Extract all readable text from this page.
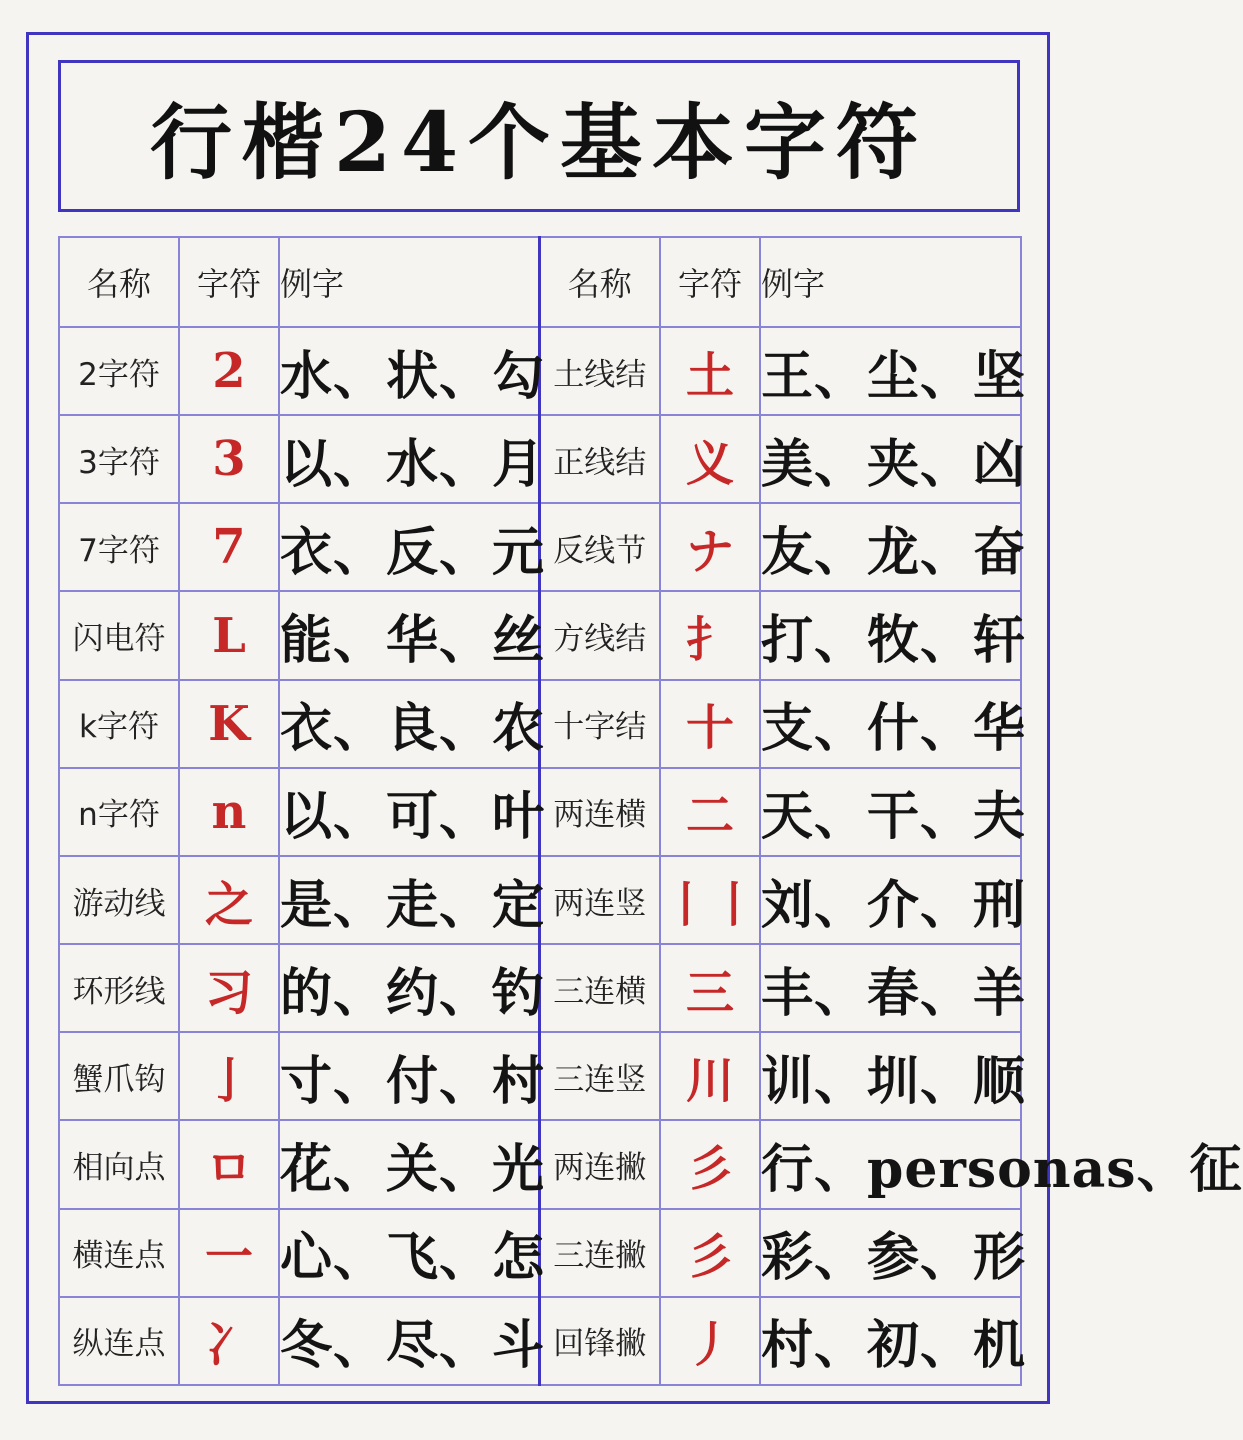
行楷24个基本字符
名称	字符	例字	名称	字符	例字
2字符	2	水、状、勾	土线结	土	王、尘、坚
3字符	3	以、水、月	正线结	义	美、夹、凶
7字符	7	衣、反、元	反线节	ナ	友、龙、奋
闪电符	L	能、华、丝	方线结	扌	打、牧、轩
k字符	K	衣、良、农	十字结	十	支、什、华
n字符	n	以、可、叶	两连横	二	天、干、夫
游动线	之	是、走、定	两连竖	丨丨	刘、介、刑
环形线	习	的、约、钓	三连横	三	丰、春、羊
蟹爪钩	亅	寸、付、村	三连竖	川	训、圳、顺
相向点	ㅁ	花、关、光	两连撇	彡	行、personas、征
横连点	一	心、飞、怎	三连撇	彡	彩、参、形
纵连点	冫	冬、尽、斗	回锋撇	丿	村、初、机
